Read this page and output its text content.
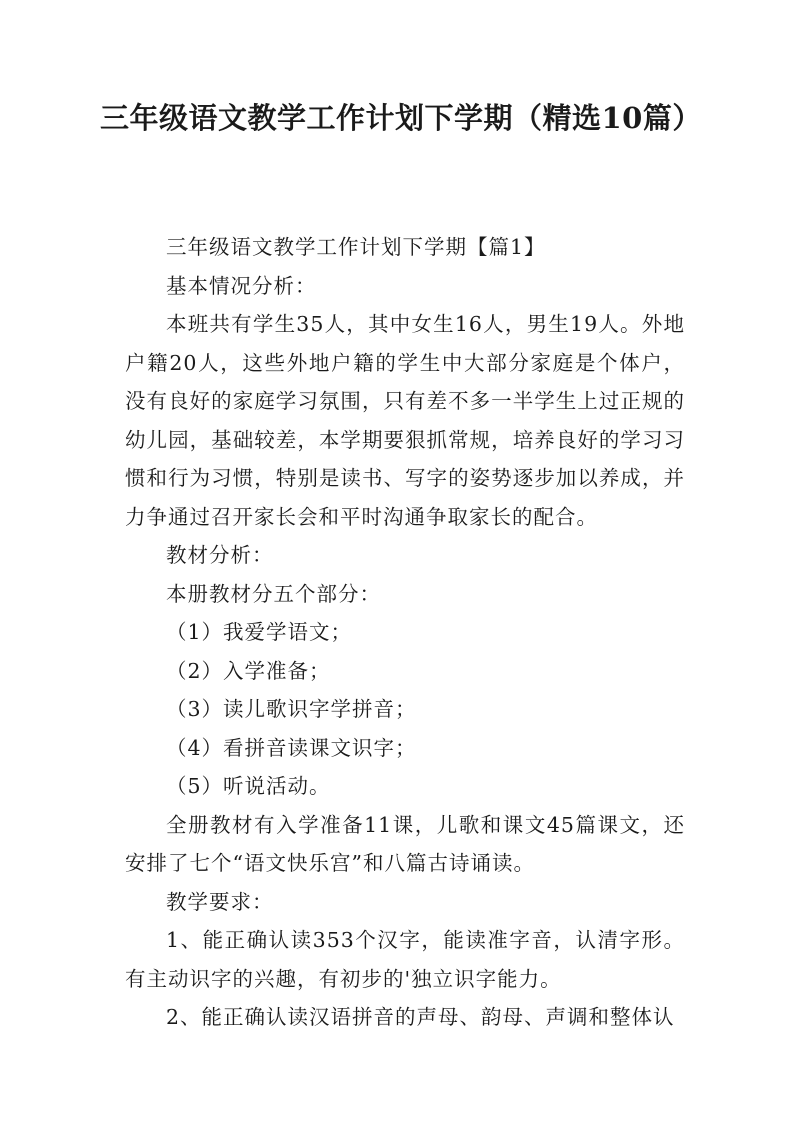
三年级语文教学工作计划下学期（精选10篇）

三年级语文教学工作计划下学期【篇1】

基本情况分析：

本班共有学生35人，其中女生16人，男生19人。外地户籍20人，这些外地户籍的学生中大部分家庭是个体户，没有良好的家庭学习氛围，只有差不多一半学生上过正规的幼儿园，基础较差，本学期要狠抓常规，培养良好的学习习惯和行为习惯，特别是读书、写字的姿势逐步加以养成，并力争通过召开家长会和平时沟通争取家长的配合。

教材分析：

本册教材分五个部分：

（1）我爱学语文；

（2）入学准备；

（3）读儿歌识字学拼音；

（4）看拼音读课文识字；

（5）听说活动。

全册教材有入学准备11课，儿歌和课文45篇课文，还安排了七个“语文快乐宫”和八篇古诗诵读。

教学要求：

1、能正确认读353个汉字，能读准字音，认清字形。有主动识字的兴趣，有初步的'独立识字能力。

2、能正确认读汉语拼音的声母、韵母、声调和整体认
